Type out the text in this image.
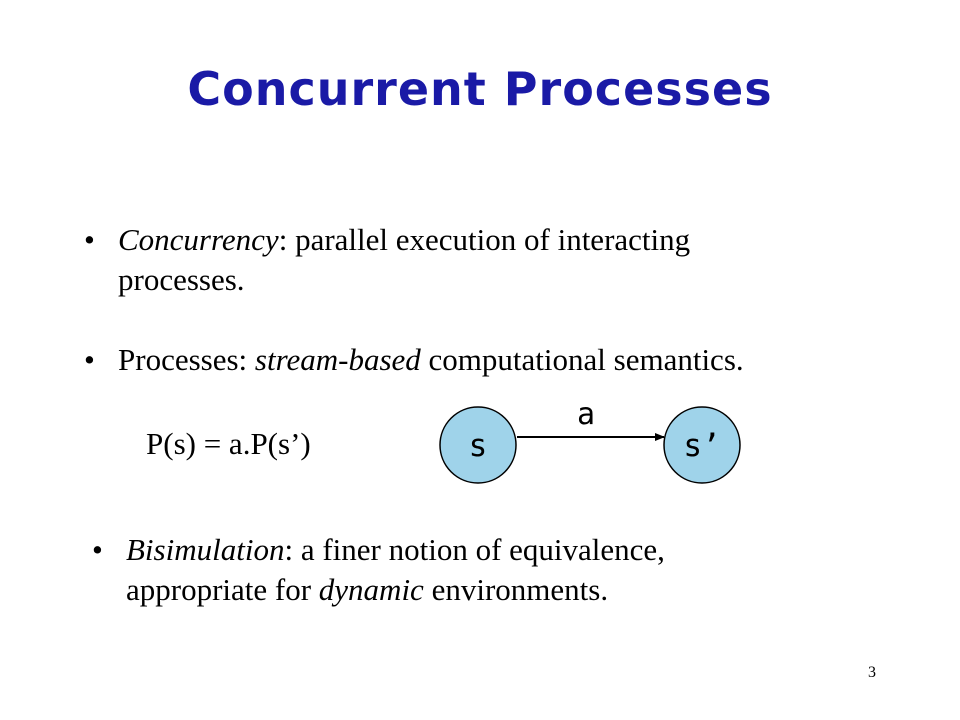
Concurrent Processes
• Concurrency: parallel execution of interacting
processes.
• Processes: stream-based computational semantics.
P(s) = a.P(s’)
a
s	s’
• Bisimulation: a finer notion of equivalence,
appropriate for dynamic environments.
3
